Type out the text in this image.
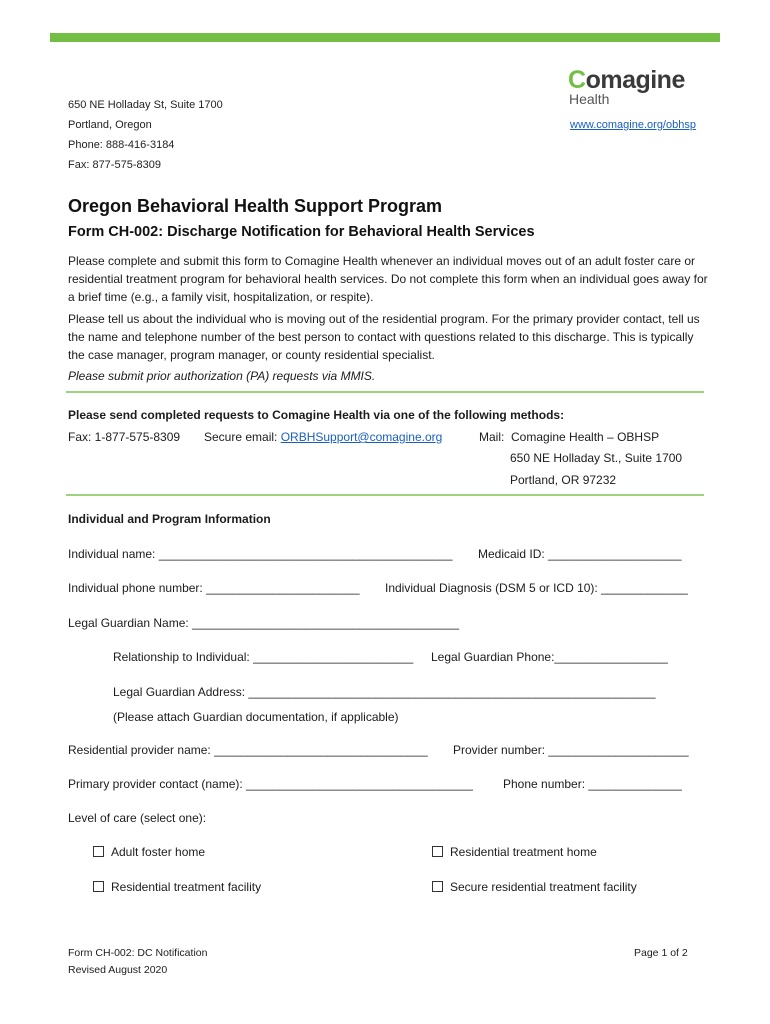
650 NE Holladay St, Suite 1700
Portland, Oregon
Phone: 888-416-3184
Fax: 877-575-8309
Comagine
Health
www.comagine.org/obhsp
Oregon Behavioral Health Support Program
Form CH-002: Discharge Notification for Behavioral Health Services
Please complete and submit this form to Comagine Health whenever an individual moves out of an adult foster care or residential treatment program for behavioral health services. Do not complete this form when an individual goes away for a brief time (e.g., a family visit, hospitalization, or respite).
Please tell us about the individual who is moving out of the residential program. For the primary provider contact, tell us the name and telephone number of the best person to contact with questions related to this discharge. This is typically the case manager, program manager, or county residential specialist.
Please submit prior authorization (PA) requests via MMIS.
Please send completed requests to Comagine Health via one of the following methods:
Fax: 1-877-575-8309 Secure email: ORBHSupport@comagine.org	Mail:  Comagine Health – OBHSP
650 NE Holladay St., Suite 1700
Portland, OR 97232
Individual and Program Information
Individual name: ____________________________________________ Medicaid ID: ____________________
Individual phone number: _______________________ Individual Diagnosis (DSM 5 or ICD 10): _____________
Legal Guardian Name: ________________________________________
Relationship to Individual: ________________________ Legal Guardian Phone:_________________
Legal Guardian Address: _____________________________________________________________
(Please attach Guardian documentation, if applicable)
Residential provider name: ________________________________ Provider number: _____________________
Primary provider contact (name): __________________________________	Phone number: ______________
Level of care (select one):
Adult foster home	Residential treatment home
Residential treatment facility	Secure residential treatment facility
Form CH-002: DC Notification
Revised August 2020
Page 1 of 2
